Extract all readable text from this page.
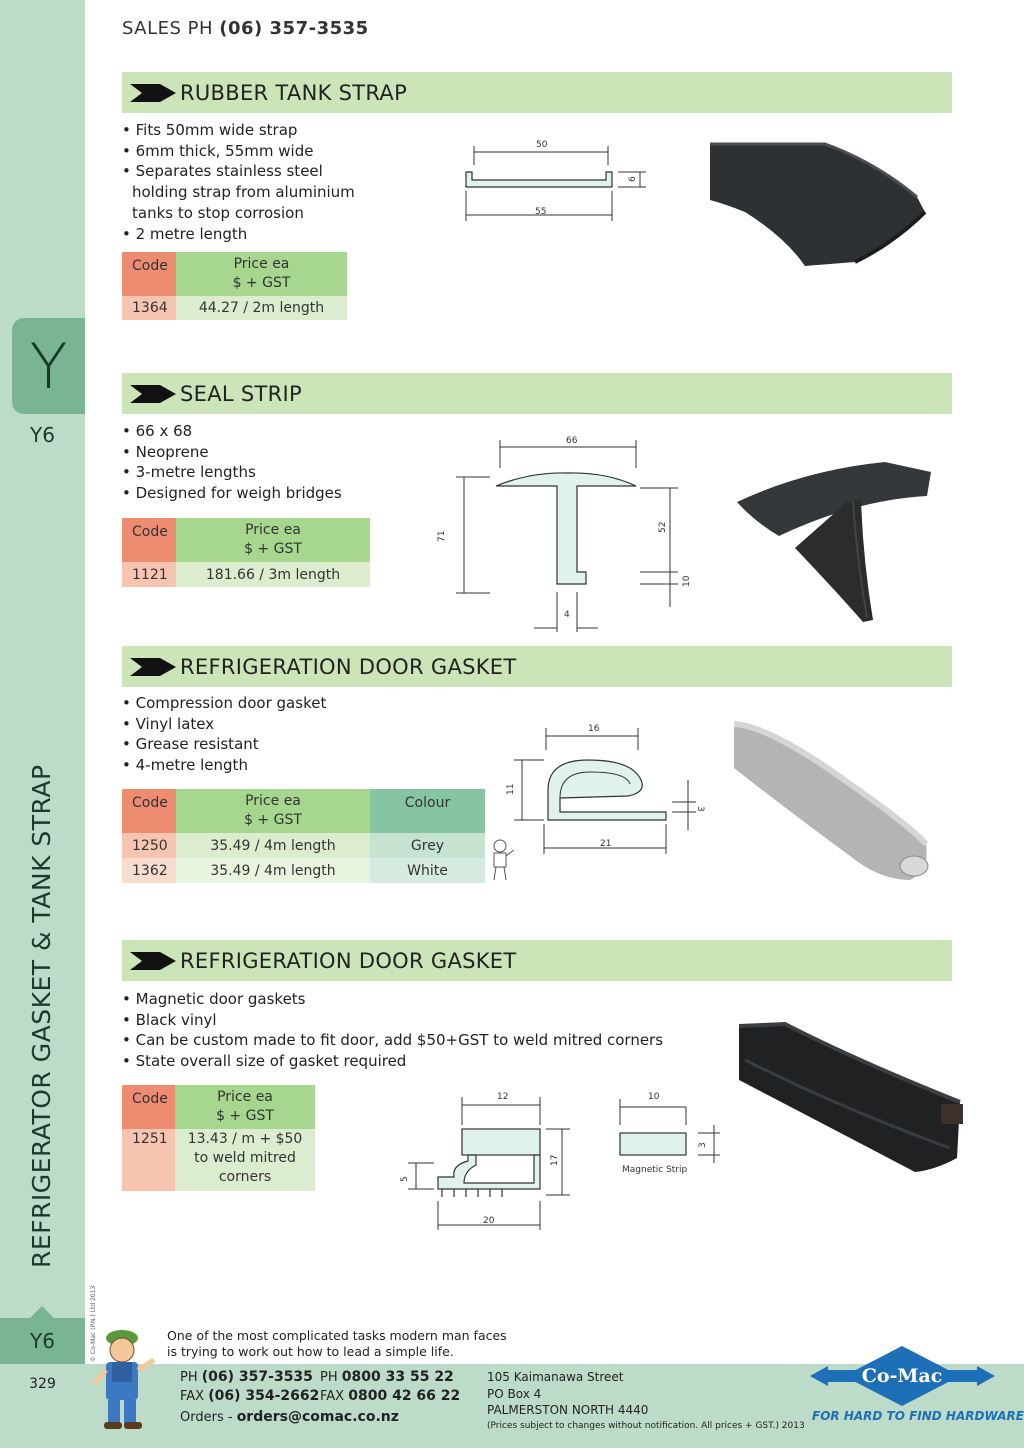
Y
Y6
REFRIGERATOR GASKET & TANK STRAP
Y6	© Co-Mac (P.N.) Ltd 2013
SALES PH (06) 357-3535
RUBBER TANK STRAP
• Fits 50mm wide strap
• 6mm thick, 55mm wide
• Separates stainless steel holding strap from aluminium tanks to stop corrosion
• 2 metre length
Code	Price ea
$ + GST
1364	44.27 / 2m length
50
55
6
SEAL STRIP
• 66 x 68
• Neoprene
• 3-metre lengths
• Designed for weigh bridges
Code	Price ea
$ + GST
1121	181.66 / 3m length
66
71
52
10
4
REFRIGERATION DOOR GASKET
• Compression door gasket
• Vinyl latex
• Grease resistant
• 4-metre length
Code	Price ea
$ + GST	Colour
1250	35.49 / 4m length	Grey
1362	35.49 / 4m length	White
16
11
21
3
REFRIGERATION DOOR GASKET
• Magnetic door gaskets
• Black vinyl
• Can be custom made to fit door, add $50+GST to weld mitred corners
• State overall size of gasket required
Code	Price ea
$ + GST
1251	13.43 / m + $50
to weld mitred
corners
12
5
17
20
10
3
Magnetic Strip
329
One of the most complicated tasks modern man faces
is trying to work out how to lead a simple life.
PH (06) 357-3535 PH 0800 33 55 22
FAX (06) 354-2662 FAX 0800 42 66 22
Orders - orders@comac.co.nz
105 Kaimanawa Street
PO Box 4
PALMERSTON NORTH 4440
(Prices subject to changes without notification. All prices + GST.) 2013
Co-Mac
FOR HARD TO FIND HARDWARE
